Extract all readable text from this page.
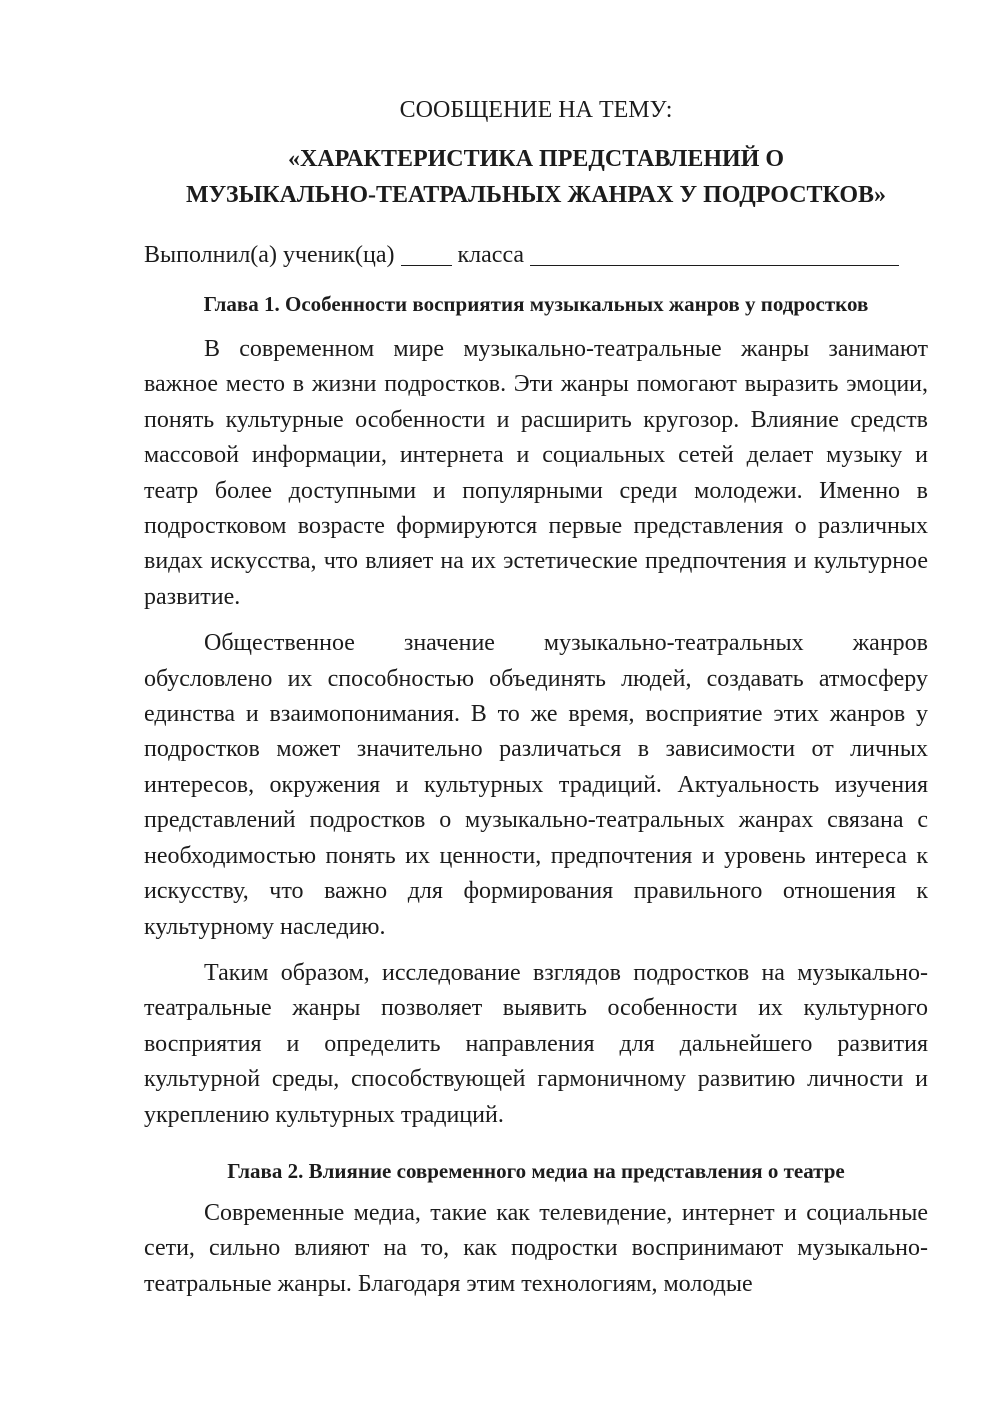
СООБЩЕНИЕ НА ТЕМУ:

«ХАРАКТЕРИСТИКА ПРЕДСТАВЛЕНИЙ О
МУЗЫКАЛЬНО-ТЕАТРАЛЬНЫХ ЖАНРАХ У ПОДРОСТКОВ»
Выполнил(а) ученик(ца)	класса
Глава 1. Особенности восприятия музыкальных жанров у подростков

В современном мире музыкально-театральные жанры занимают важное место в жизни подростков. Эти жанры помогают выразить эмоции, понять культурные особенности и расширить кругозор. Влияние средств массовой информации, интернета и социальных сетей делает музыку и театр более доступными и популярными среди молодежи. Именно в подростковом возрасте формируются первые представления о различных видах искусства, что влияет на их эстетические предпочтения и культурное развитие.

Общественное значение музыкально-театральных жанров обусловлено их способностью объединять людей, создавать атмосферу единства и взаимопонимания. В то же время, восприятие этих жанров у подростков может значительно различаться в зависимости от личных интересов, окружения и культурных традиций. Актуальность изучения представлений подростков о музыкально-театральных жанрах связана с необходимостью понять их ценности, предпочтения и уровень интереса к искусству, что важно для формирования правильного отношения к культурному наследию.

Таким образом, исследование взглядов подростков на музыкально-театральные жанры позволяет выявить особенности их культурного восприятия и определить направления для дальнейшего развития культурной среды, способствующей гармоничному развитию личности и укреплению культурных традиций.

Глава 2. Влияние современного медиа на представления о театре

Современные медиа, такие как телевидение, интернет и социальные сети, сильно влияют на то, как подростки воспринимают музыкально-театральные жанры. Благодаря этим технологиям, молодые
